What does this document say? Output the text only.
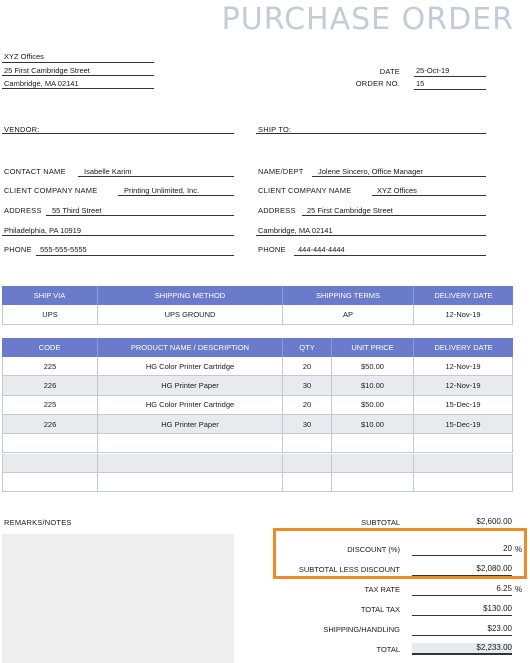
PURCHASE ORDER
XYZ Offices
25 First Cambridge Street
Cambridge, MA 02141
DATE 25-Oct-19
ORDER NO. 15
VENDOR:	SHIP TO:
CONTACT NAME Isabelle Karim
CLIENT COMPANY NAME	Printing Unlimited, Inc.
ADDRESS 55 Third Street
Philadelphia, PA 10919
PHONE 555-555-5555
NAME/DEPT Jolene Sincero, Office Manager
CLIENT COMPANY NAME	XYZ Offices
ADDRESS 25 First Cambridge Street
Cambridge, MA 02141
PHONE 444-444-4444
SHIP VIA	SHIPPING METHOD	SHIPPING TERMS	DELIVERY DATE
UPS	UPS GROUND	AP	12-Nov-19
CODE	PRODUCT NAME / DESCRIPTION	QTY	UNIT PRICE	DELIVERY DATE
225	HG Color Printer Cartridge	20	$50.00	12-Nov-19
226	HG Printer Paper	30	$10.00	12-Nov-19
225	HG Color Printer Cartridge	20	$50.00	15-Dec-19
226	HG Printer Paper	30	$10.00	15-Dec-19
REMARKS/NOTES	SUBTOTAL	$2,600.00
DISCOUNT (%)	20 %
SUBTOTAL LESS DISCOUNT	$2,080.00
TAX RATE	6.25 %
TOTAL TAX	$130.00
SHIPPING/HANDLING	$23.00
TOTAL	$2,233.00
